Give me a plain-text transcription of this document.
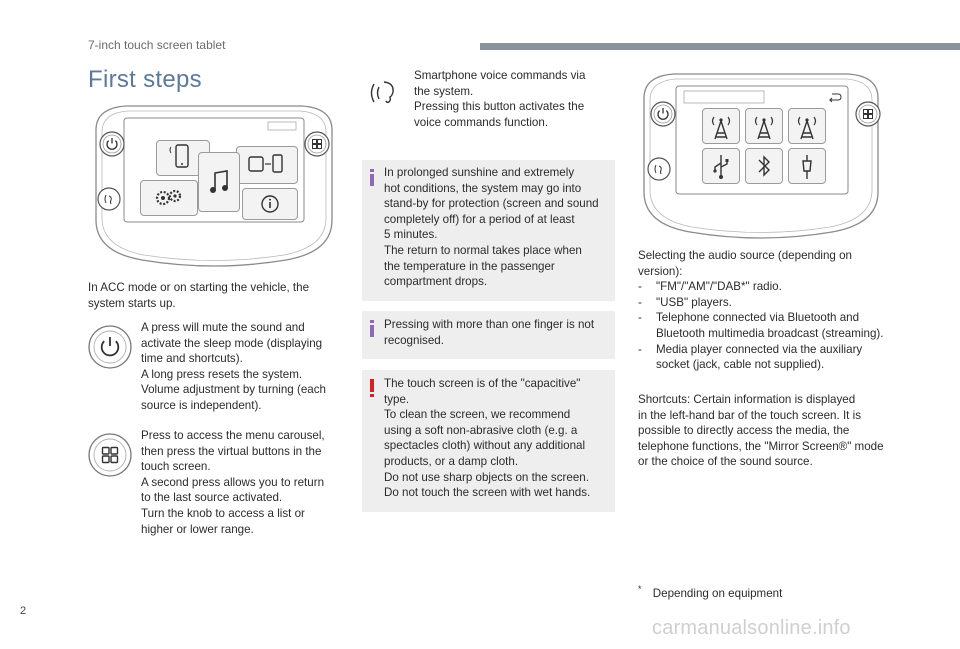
7-inch touch screen tablet
First steps

In ACC mode or on starting the vehicle, the system starts up.

A press will mute the sound and

activate the sleep mode (displaying

time and shortcuts).

A long press resets the system.

Volume adjustment by turning (each

source is independent).

Press to access the menu carousel,

then press the virtual buttons in the

touch screen.

A second press allows you to return

to the last source activated.

Turn the knob to access a list or

higher or lower range.

Smartphone voice commands via

the system.

Pressing this button activates the

voice commands function.

In prolonged sunshine and extremely

hot conditions, the system may go into

stand-by for protection (screen and sound

completely off) for a period of at least

5 minutes.

The return to normal takes place when

the temperature in the passenger

compartment drops.

Pressing with more than one finger is not

recognised.

The touch screen is of the "capacitive"

type.

To clean the screen, we recommend

using a soft non-abrasive cloth (e.g. a

spectacles cloth) without any additional

products, or a damp cloth.

Do not use sharp objects on the screen.

Do not touch the screen with wet hands.

Selecting the audio source (depending on

version):

-	"FM"/"AM"/"DAB*" radio.

-	"USB" players.

-	Telephone connected via Bluetooth and

Bluetooth multimedia broadcast (streaming).

-	Media player connected via the auxiliary

socket (jack, cable not supplied).

Shortcuts: Certain information is displayed

in the left-hand bar of the touch screen. It is

possible to directly access the media, the

telephone functions, the "Mirror Screen®" mode

or the choice of the sound source.

* Depending on equipment
2
carmanualsonline.info
